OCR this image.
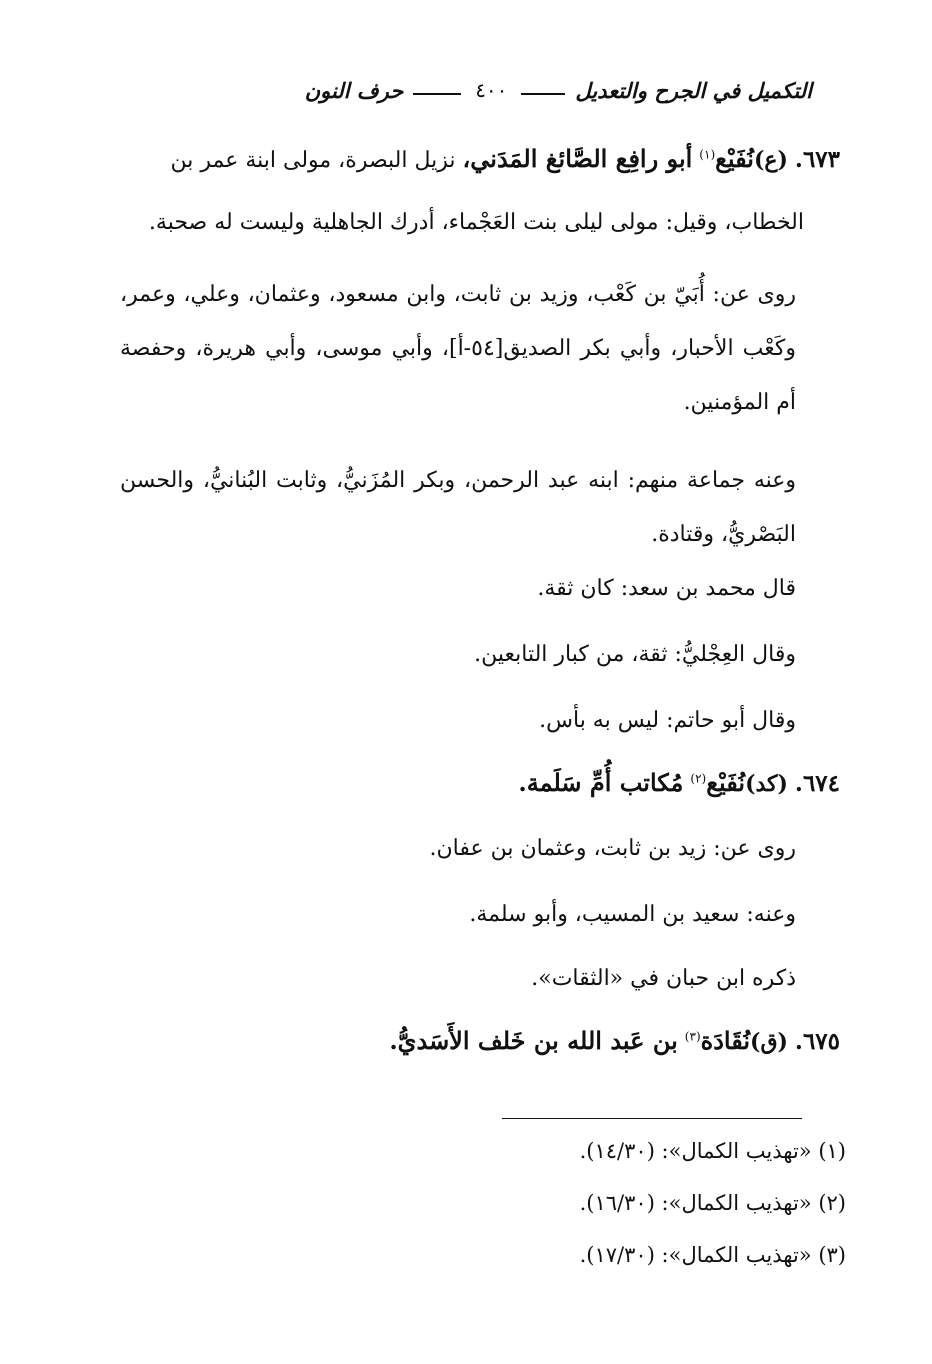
التكميل في الجرح والتعديل
٤٠٠
حرف النون
٦٧٣. (ع)نُفَيْع$^{(١)}$ أبو رافِع الصَّائغ المَدَني، نزيل البصرة، مولى ابنة عمر بن
الخطاب، وقيل: مولى ليلى بنت العَجْماء، أدرك الجاهلية وليست له صحبة.
روى عن: أُبَيّ بن كَعْب، وزيد بن ثابت، وابن مسعود، وعثمان، وعلي، وعمر، وكَعْب الأحبار، وأبي بكر الصديق[٥٤-أ]، وأبي موسى، وأبي هريرة، وحفصة أم المؤمنين.
وعنه جماعة منهم: ابنه عبد الرحمن، وبكر المُزَنيُّ، وثابت البُنانيُّ، والحسن البَصْريُّ، وقتادة.
قال محمد بن سعد: كان ثقة.
وقال العِجْليُّ: ثقة، من كبار التابعين.
وقال أبو حاتم: ليس به بأس.
٦٧٤. (كد)نُفَيْع$^{(٢)}$ مُكاتب أُمِّ سَلَمة.
روى عن: زيد بن ثابت، وعثمان بن عفان.
وعنه: سعيد بن المسيب، وأبو سلمة.
ذكره ابن حبان في «الثقات».
٦٧٥. (ق)نُقَادَة$^{(٣)}$ بن عَبد الله بن خَلف الأَسَديُّ.
(١) «تهذيب الكمال»: (١٤/٣٠).
(٢) «تهذيب الكمال»: (١٦/٣٠).
(٣) «تهذيب الكمال»: (١٧/٣٠).
